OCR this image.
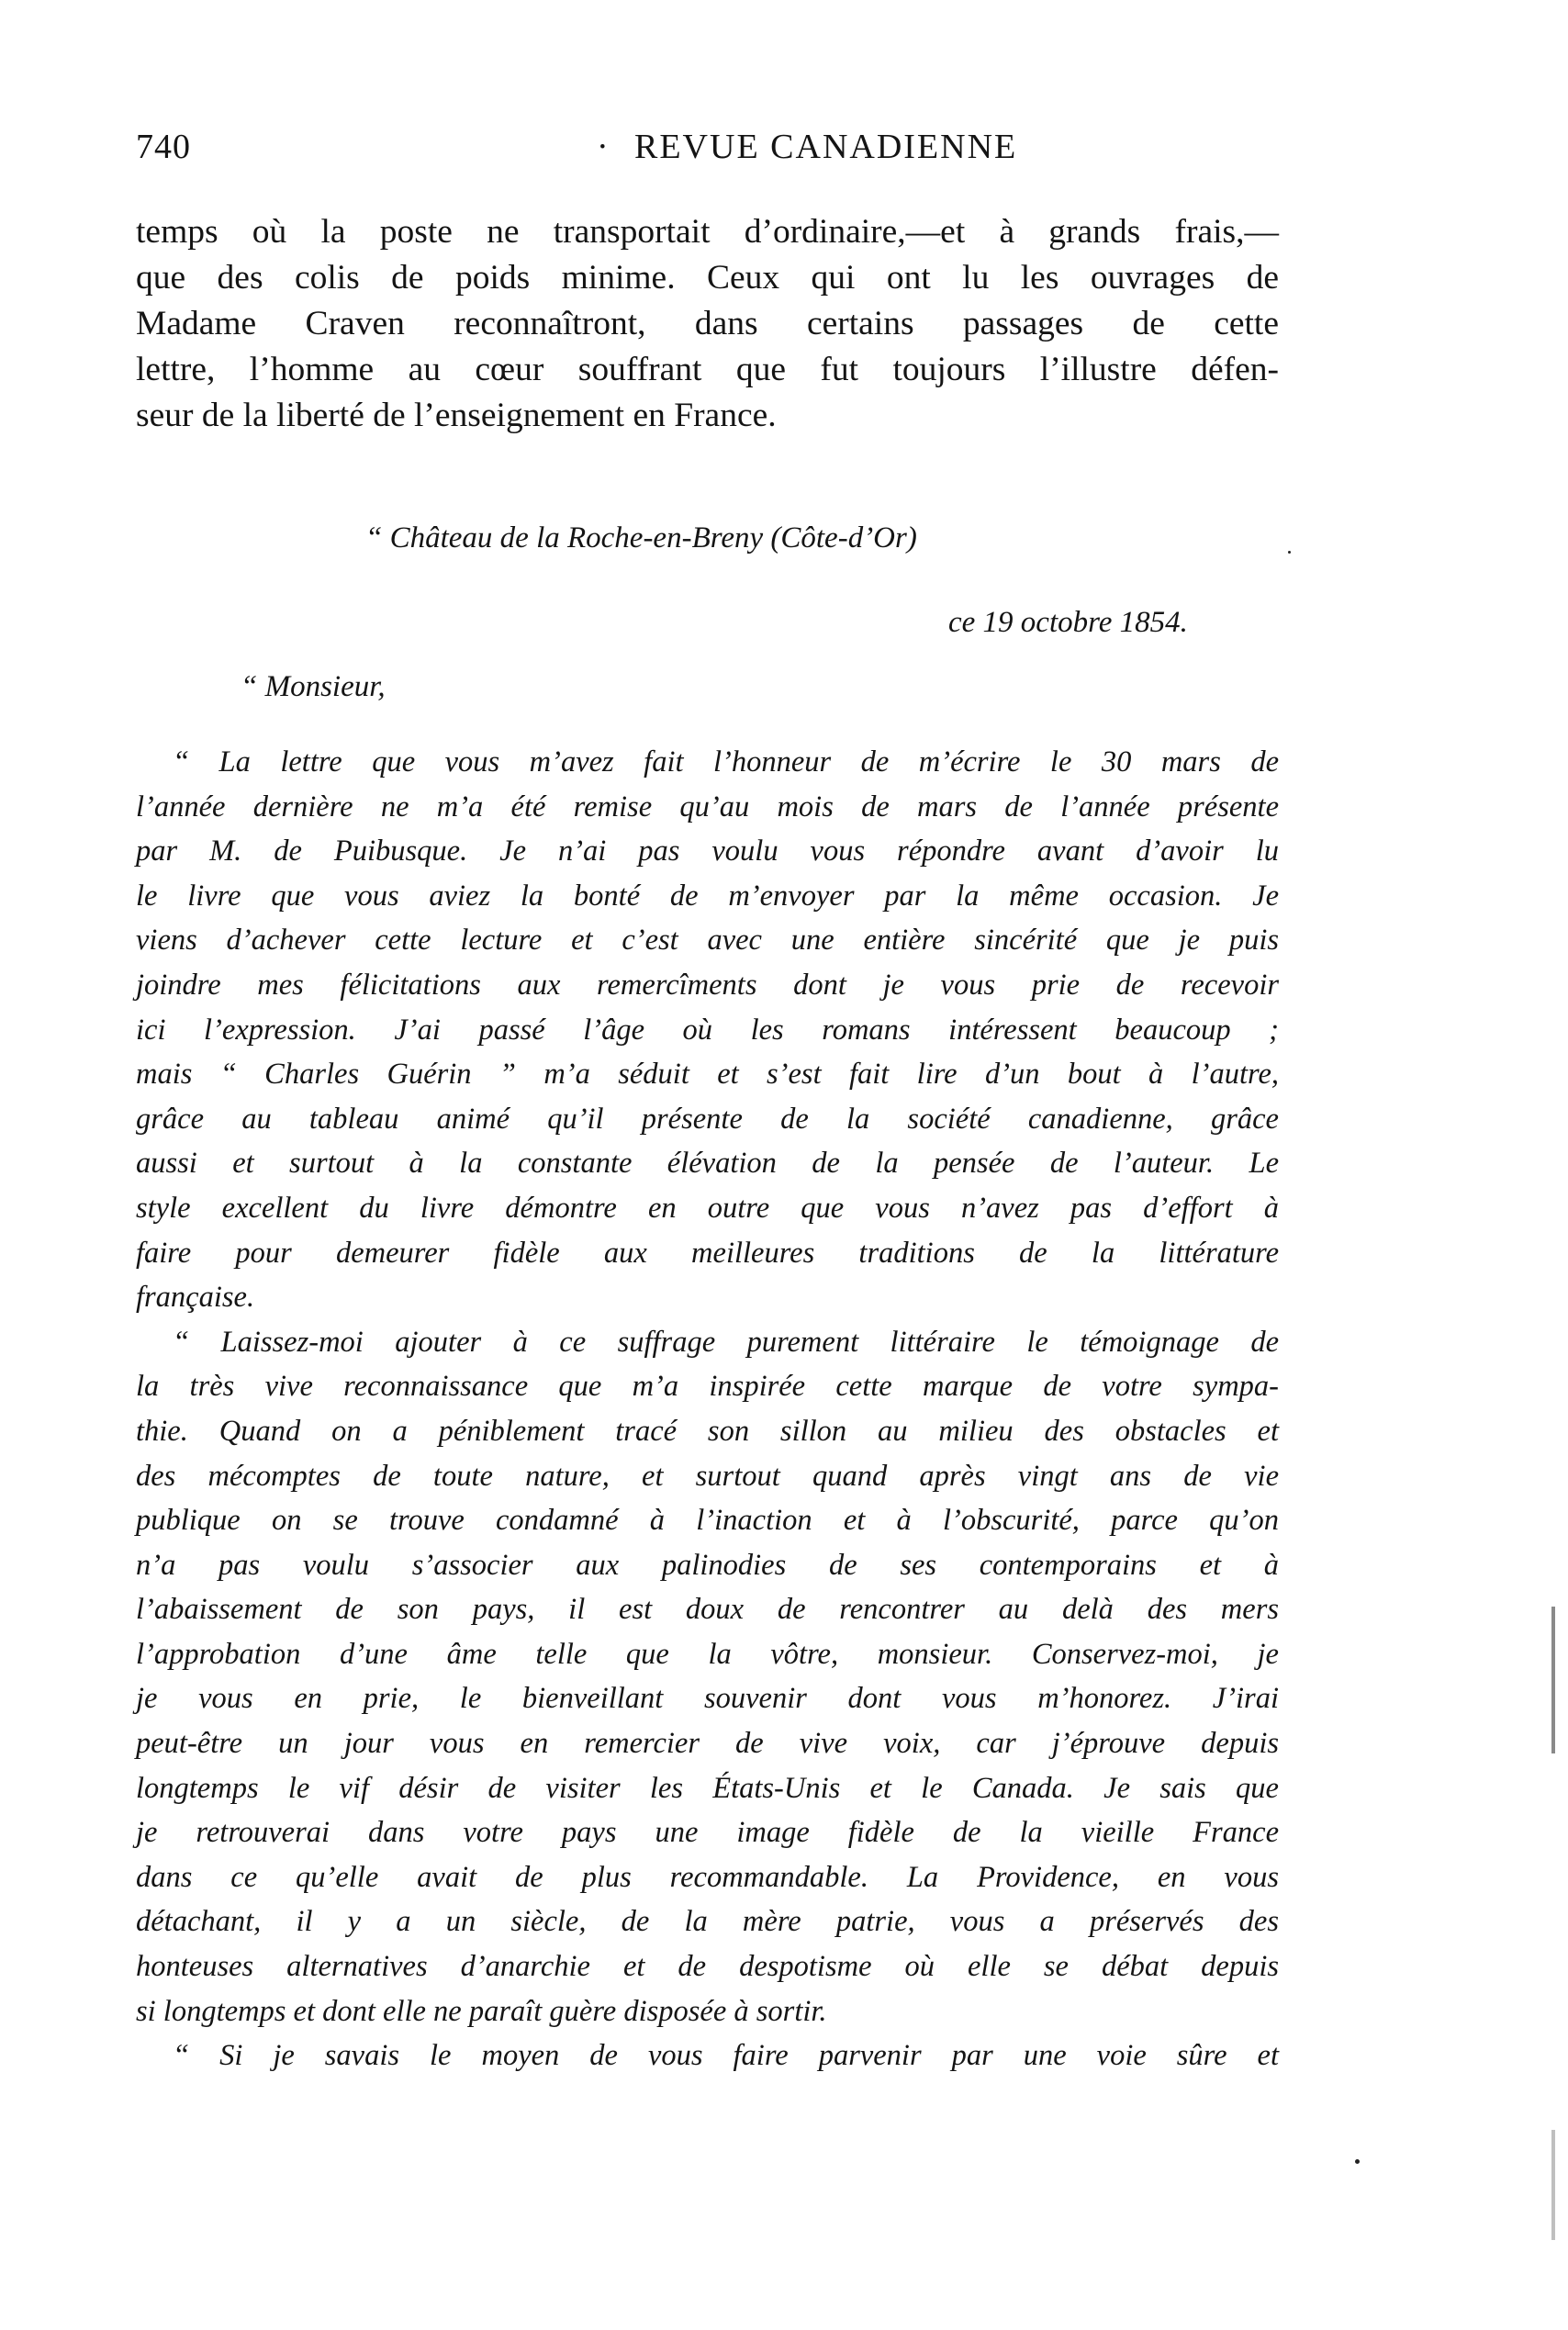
740	· REVUE CANADIENNE
temps où la poste ne transportait d’ordinaire,—et à grands frais,—
que des colis de poids minime. Ceux qui ont lu les ouvrages de
Madame Craven reconnaîtront, dans certains passages de cette
lettre, l’homme au cœur souffrant que fut toujours l’illustre défen-
seur de la liberté de l’enseignement en France.
“ Château de la Roche-en-Breny (Côte-d’Or)
ce 19 octobre 1854.
“ Monsieur,
“ La lettre que vous m’avez fait l’honneur de m’écrire le 30 mars de
l’année dernière ne m’a été remise qu’au mois de mars de l’année présente
par M. de Puibusque. Je n’ai pas voulu vous répondre avant d’avoir lu
le livre que vous aviez la bonté de m’envoyer par la même occasion. Je
viens d’achever cette lecture et c’est avec une entière sincérité que je puis
joindre mes félicitations aux remercîments dont je vous prie de recevoir
ici l’expression. J’ai passé l’âge où les romans intéressent beaucoup ;
mais “ Charles Guérin ” m’a séduit et s’est fait lire d’un bout à l’autre,
grâce au tableau animé qu’il présente de la société canadienne, grâce
aussi et surtout à la constante élévation de la pensée de l’auteur. Le
style excellent du livre démontre en outre que vous n’avez pas d’effort à
faire pour demeurer fidèle aux meilleures traditions de la littérature
française.
“ Laissez-moi ajouter à ce suffrage purement littéraire le témoignage de
la très vive reconnaissance que m’a inspirée cette marque de votre sympa-
thie. Quand on a péniblement tracé son sillon au milieu des obstacles et
des mécomptes de toute nature, et surtout quand après vingt ans de vie
publique on se trouve condamné à l’inaction et à l’obscurité, parce qu’on
n’a pas voulu s’associer aux palinodies de ses contemporains et à
l’abaissement de son pays, il est doux de rencontrer au delà des mers
l’approbation d’une âme telle que la vôtre, monsieur. Conservez-moi, je
je vous en prie, le bienveillant souvenir dont vous m’honorez. J’irai
peut-être un jour vous en remercier de vive voix, car j’éprouve depuis
longtemps le vif désir de visiter les États-Unis et le Canada. Je sais que
je retrouverai dans votre pays une image fidèle de la vieille France
dans ce qu’elle avait de plus recommandable. La Providence, en vous
détachant, il y a un siècle, de la mère patrie, vous a préservés des
honteuses alternatives d’anarchie et de despotisme où elle se débat depuis
si longtemps et dont elle ne paraît guère disposée à sortir.
“ Si je savais le moyen de vous faire parvenir par une voie sûre et
